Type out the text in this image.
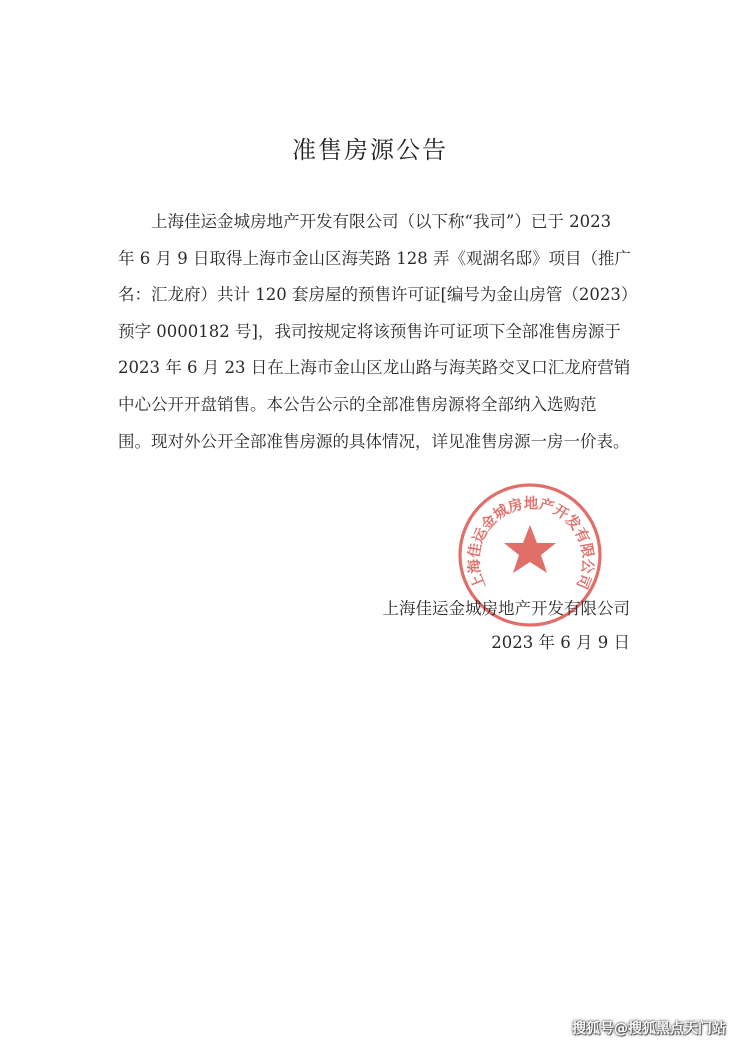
准售房源公告
上海佳运金城房地产开发有限公司（以下称“我司”）已于 2023
年 6 月 9 日取得上海市金山区海芙路 128 弄《观湖名邸》项目（推广
名：汇龙府）共计 120 套房屋的预售许可证[编号为金山房管（2023）
预字 0000182 号]，我司按规定将该预售许可证项下全部准售房源于
2023 年 6 月 23 日在上海市金山区龙山路与海芙路交叉口汇龙府营销
中心公开开盘销售。本公告公示的全部准售房源将全部纳入选购范
围。现对外公开全部准售房源的具体情况，详见准售房源一房一价表。
上海佳运金城房地产开发有限公司
上海佳运金城房地产开发有限公司
2023 年 6 月 9 日
搜狐号@搜狐黑点天门站
